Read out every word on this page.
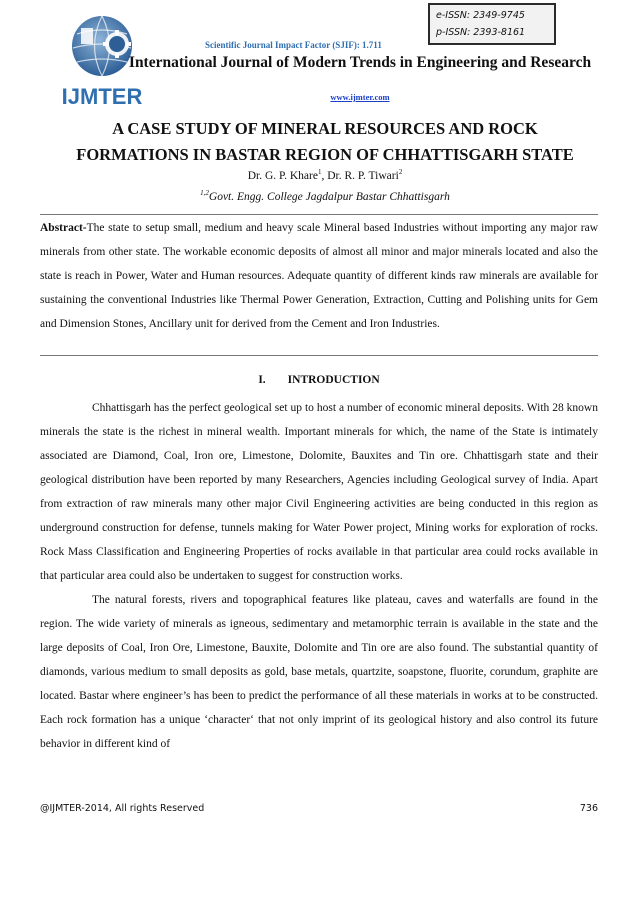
IJMTER
e-ISSN: 2349-9745
p-ISSN: 2393-8161
Scientific Journal Impact Factor (SJIF): 1.711
International Journal of Modern Trends in Engineering and Research
www.ijmter.com
A CASE STUDY OF MINERAL RESOURCES AND ROCK
FORMATIONS IN BASTAR REGION OF CHHATTISGARH STATE
Dr. G. P. Khare$^1$, Dr. R. P. Tiwari$^2$
$^{1,2}$Govt. Engg. College Jagdalpur Bastar Chhattisgarh
Abstract-The state to setup small, medium and heavy scale Mineral based Industries without importing any major raw minerals from other state. The workable economic deposits of almost all minor and major minerals located and also the state is reach in Power, Water and Human resources. Adequate quantity of different kinds raw minerals are available for sustaining the conventional Industries like Thermal Power Generation, Extraction, Cutting and Polishing units for Gem and Dimension Stones, Ancillary unit for derived from the Cement and Iron Industries.
I. INTRODUCTION

Chhattisgarh has the perfect geological set up to host a number of economic mineral deposits. With 28 known minerals the state is the richest in mineral wealth. Important minerals for which, the name of the State is intimately associated are Diamond, Coal, Iron ore, Limestone, Dolomite, Bauxites and Tin ore. Chhattisgarh state and their geological distribution have been reported by many Researchers, Agencies including Geological survey of India. Apart from extraction of raw minerals many other major Civil Engineering activities are being conducted in this region as underground construction for defense, tunnels making for Water Power project, Mining works for exploration of rocks. Rock Mass Classification and Engineering Properties of rocks available in that particular area could rocks available in that particular area could also be undertaken to suggest for construction works.

The natural forests, rivers and topographical features like plateau, caves and waterfalls are found in the region. The wide variety of minerals as igneous, sedimentary and metamorphic terrain is available in the state and the large deposits of Coal, Iron Ore, Limestone, Bauxite, Dolomite and Tin ore are also found. The substantial quantity of diamonds, various medium to small deposits as gold, base metals, quartzite, soapstone, fluorite, corundum, graphite are located. Bastar where engineer’s has been to predict the performance of all these materials in works at to be constructed. Each rock formation has a unique ‘character‘ that not only imprint of its geological history and also control its future behavior in different kind of

@IJMTER-2014, All rights Reserved	736
